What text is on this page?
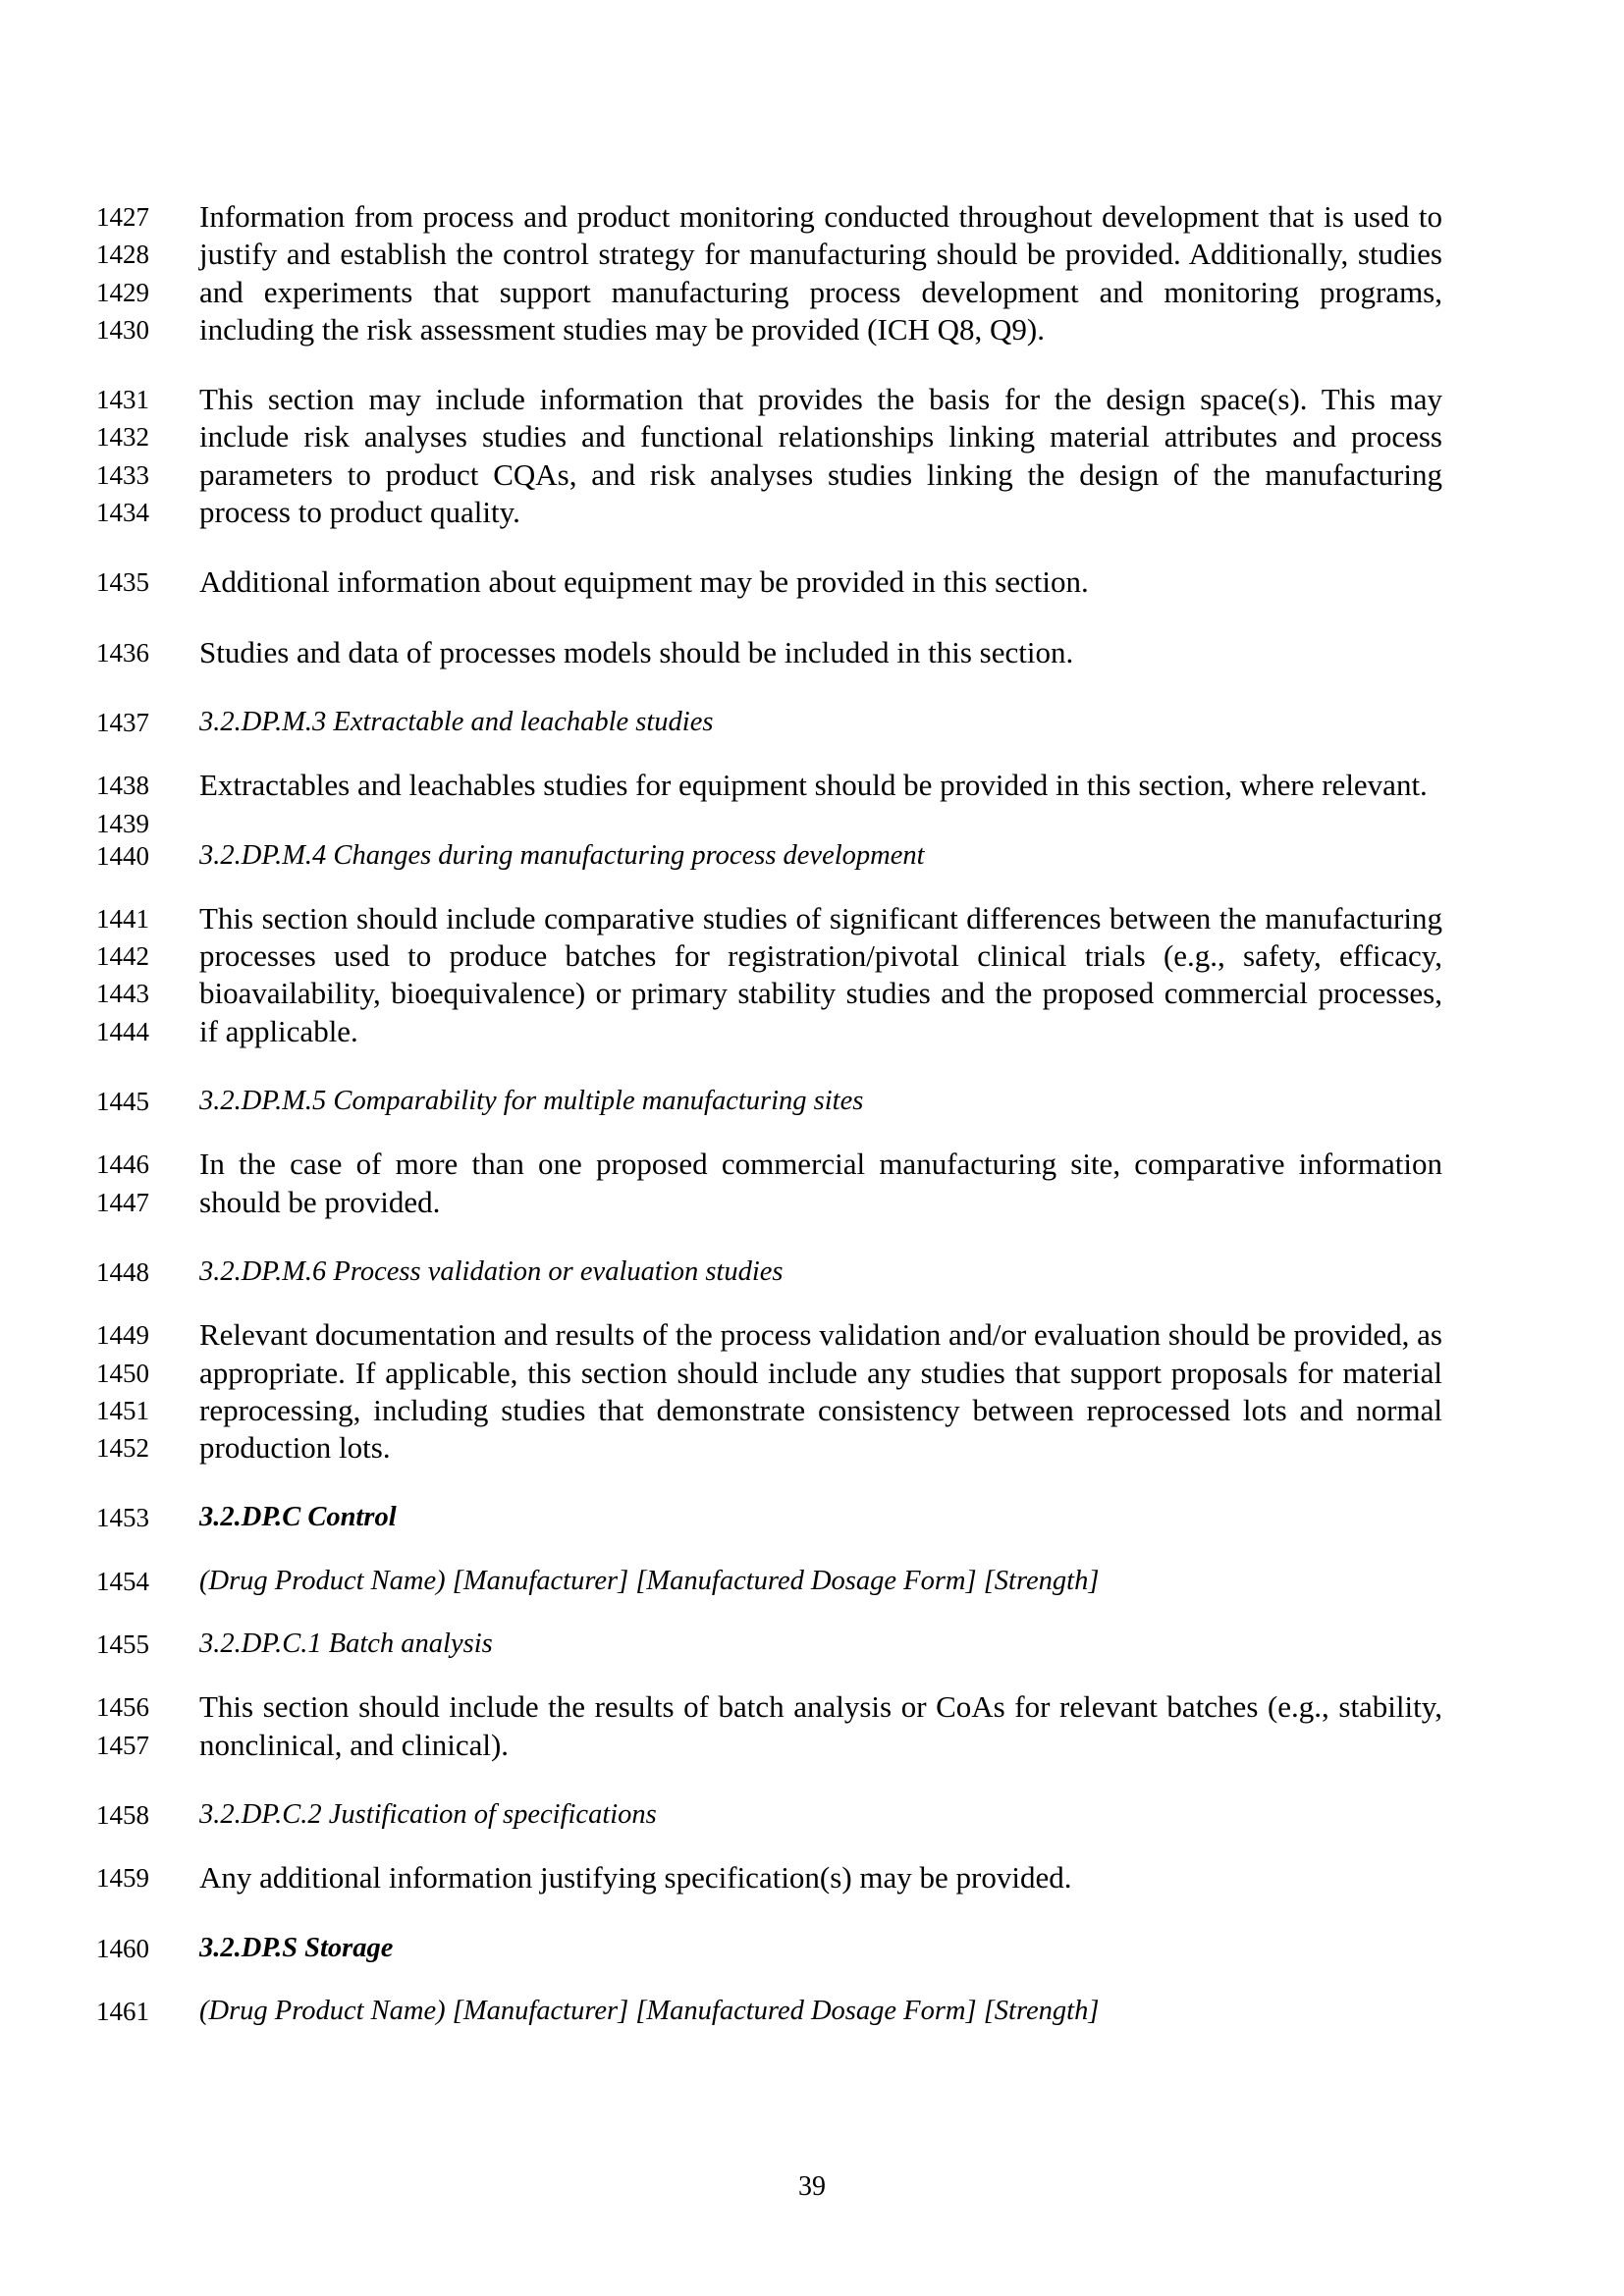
1427
1428
1429
1430
Information from process and product monitoring conducted throughout development that is used to justify and establish the control strategy for manufacturing should be provided. Additionally, studies and experiments that support manufacturing process development and monitoring programs, including the risk assessment studies may be provided (ICH Q8, Q9).
1431
1432
1433
1434
This section may include information that provides the basis for the design space(s). This may include risk analyses studies and functional relationships linking material attributes and process parameters to product CQAs, and risk analyses studies linking the design of the manufacturing process to product quality.
1435 Additional information about equipment may be provided in this section.
1436 Studies and data of processes models should be included in this section.
1437 3.2.DP.M.3 Extractable and leachable studies
1438
1439
Extractables and leachables studies for equipment should be provided in this section, where relevant.
1440 3.2.DP.M.4 Changes during manufacturing process development
1441
1442
1443
1444
This section should include comparative studies of significant differences between the manufacturing processes used to produce batches for registration/pivotal clinical trials (e.g., safety, efficacy, bioavailability, bioequivalence) or primary stability studies and the proposed commercial processes, if applicable.
1445 3.2.DP.M.5 Comparability for multiple manufacturing sites
1446
1447
In the case of more than one proposed commercial manufacturing site, comparative information should be provided.
1448 3.2.DP.M.6 Process validation or evaluation studies
1449
1450
1451
1452
Relevant documentation and results of the process validation and/or evaluation should be provided, as appropriate. If applicable, this section should include any studies that support proposals for material reprocessing, including studies that demonstrate consistency between reprocessed lots and normal production lots.
1453 3.2.DP.C Control
1454 (Drug Product Name) [Manufacturer] [Manufactured Dosage Form] [Strength]
1455 3.2.DP.C.1 Batch analysis
1456
1457
This section should include the results of batch analysis or CoAs for relevant batches (e.g., stability, nonclinical, and clinical).
1458 3.2.DP.C.2 Justification of specifications
1459 Any additional information justifying specification(s) may be provided.
1460 3.2.DP.S Storage
1461 (Drug Product Name) [Manufacturer] [Manufactured Dosage Form] [Strength]
39
